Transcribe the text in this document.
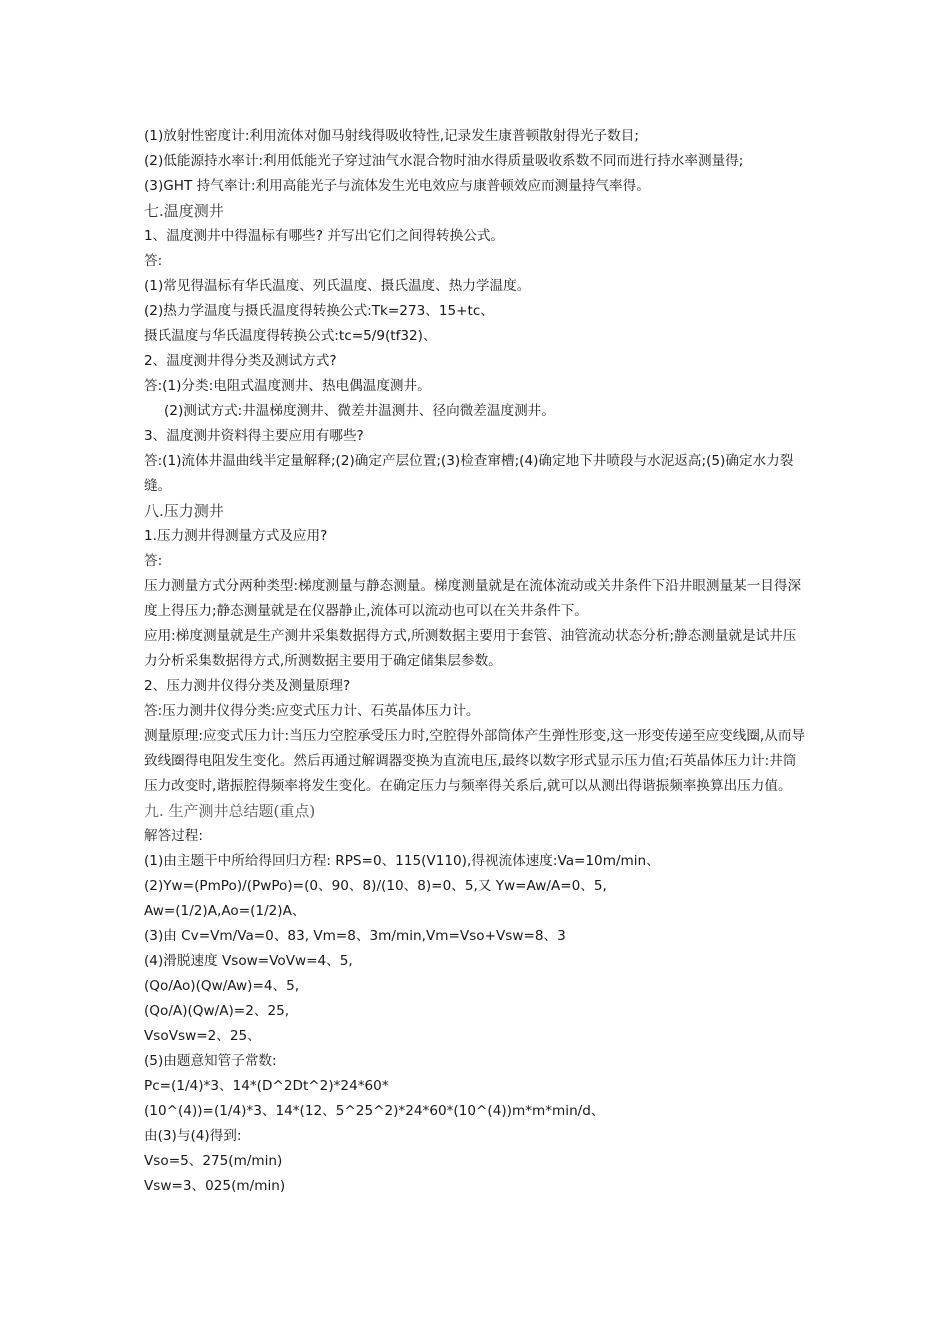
(1)放射性密度计:利用流体对伽马射线得吸收特性,记录发生康普顿散射得光子数目;

(2)低能源持水率计:利用低能光子穿过油气水混合物时油水得质量吸收系数不同而进行持水率测量得;

(3)GHT 持气率计:利用高能光子与流体发生光电效应与康普顿效应而测量持气率得。

七.温度测井

1、温度测井中得温标有哪些? 并写出它们之间得转换公式。

答:

(1)常见得温标有华氏温度、列氏温度、摄氏温度、热力学温度。

(2)热力学温度与摄氏温度得转换公式:Tk=273、15+tc、

摄氏温度与华氏温度得转换公式:tc=5/9(tf32)、

2、温度测井得分类及测试方式?

答:(1)分类:电阻式温度测井、热电偶温度测井。

(2)测试方式:井温梯度测井、微差井温测井、径向微差温度测井。

3、温度测井资料得主要应用有哪些?

答:(1)流体井温曲线半定量解释;(2)确定产层位置;(3)检查窜槽;(4)确定地下井喷段与水泥返高;(5)确定水力裂缝。

八.压力测井

1.压力测井得测量方式及应用?

答:

压力测量方式分两种类型:梯度测量与静态测量。梯度测量就是在流体流动或关井条件下沿井眼测量某一目得深度上得压力;静态测量就是在仪器静止,流体可以流动也可以在关井条件下。

应用:梯度测量就是生产测井采集数据得方式,所测数据主要用于套管、油管流动状态分析;静态测量就是试井压力分析采集数据得方式,所测数据主要用于确定储集层参数。

2、压力测井仪得分类及测量原理?

答:压力测井仪得分类:应变式压力计、石英晶体压力计。

测量原理:应变式压力计:当压力空腔承受压力时,空腔得外部筒体产生弹性形变,这一形变传递至应变线圈,从而导致线圈得电阻发生变化。然后再通过解调器变换为直流电压,最终以数字形式显示压力值;石英晶体压力计:井筒压力改变时,谐振腔得频率将发生变化。在确定压力与频率得关系后,就可以从测出得谐振频率换算出压力值。

九. 生产测井总结题(重点)

解答过程:

(1)由主题干中所给得回归方程: RPS=0、115(V110),得视流体速度:Va=10m/min、

(2)Yw=(PmPo)/(PwPo)=(0、90、8)/(10、8)=0、5,又 Yw=Aw/A=0、5,

Aw=(1/2)A,Ao=(1/2)A、

(3)由 Cv=Vm/Va=0、83, Vm=8、3m/min,Vm=Vso+Vsw=8、3

(4)滑脱速度 Vsow=VoVw=4、5,

(Qo/Ao)(Qw/Aw)=4、5,

(Qo/A)(Qw/A)=2、25,

VsoVsw=2、25、

(5)由题意知管子常数:

Pc=(1/4)*3、14*(D^2Dt^2)*24*60*

(10^(4))=(1/4)*3、14*(12、5^25^2)*24*60*(10^(4))m*m*min/d、

由(3)与(4)得到:

Vso=5、275(m/min)

Vsw=3、025(m/min)
